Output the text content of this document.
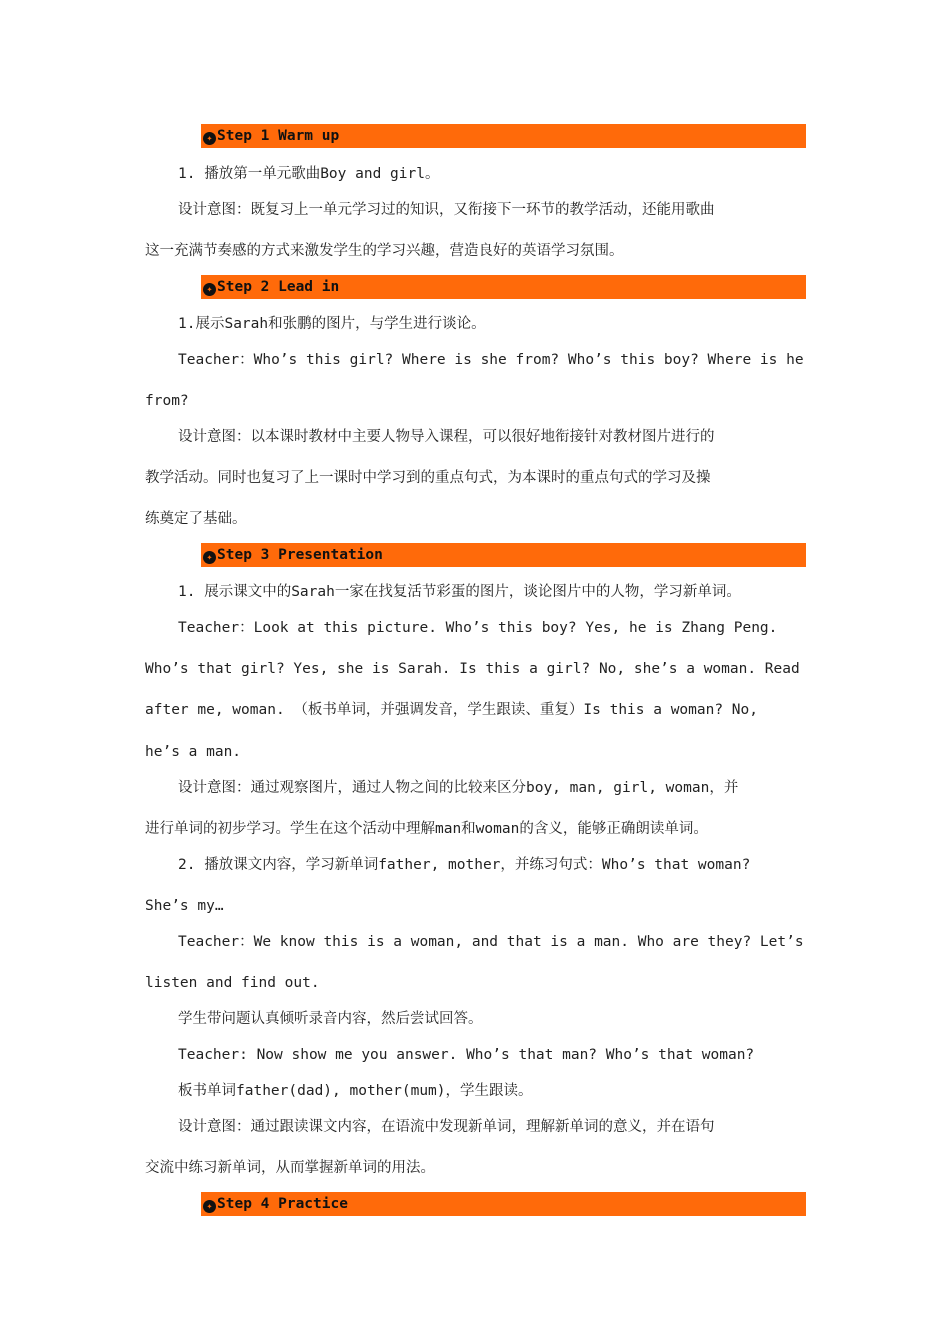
✦ Step 1 Warm up
1. 播放第一单元歌曲Boy and girl。
设计意图：既复习上一单元学习过的知识，又衔接下一环节的教学活动，还能用歌曲
这一充满节奏感的方式来激发学生的学习兴趣，营造良好的英语学习氛围。
✦ Step 2 Lead in
1.展示Sarah和张鹏的图片，与学生进行谈论。
Teacher：Who’s this girl? Where is she from? Who’s this boy? Where is he
from?
设计意图：以本课时教材中主要人物导入课程，可以很好地衔接针对教材图片进行的
教学活动。同时也复习了上一课时中学习到的重点句式，为本课时的重点句式的学习及操
练奠定了基础。
✦ Step 3 Presentation
1. 展示课文中的Sarah一家在找复活节彩蛋的图片，谈论图片中的人物，学习新单词。
Teacher：Look at this picture. Who’s this boy? Yes, he is Zhang Peng.
Who’s that girl? Yes, she is Sarah. Is this a girl? No, she’s a woman. Read
after me, woman. （板书单词，并强调发音，学生跟读、重复）Is this a woman? No,
he’s a man.
设计意图：通过观察图片，通过人物之间的比较来区分boy, man, girl, woman，并
进行单词的初步学习。学生在这个活动中理解man和woman的含义，能够正确朗读单词。
2. 播放课文内容，学习新单词father, mother，并练习句式：Who’s that woman?
She’s my…
Teacher：We know this is a woman, and that is a man. Who are they? Let’s
listen and find out.
学生带问题认真倾听录音内容，然后尝试回答。
Teacher: Now show me you answer. Who’s that man? Who’s that woman?
板书单词father(dad), mother(mum)，学生跟读。
设计意图：通过跟读课文内容，在语流中发现新单词，理解新单词的意义，并在语句
交流中练习新单词，从而掌握新单词的用法。
✦ Step 4 Practice
